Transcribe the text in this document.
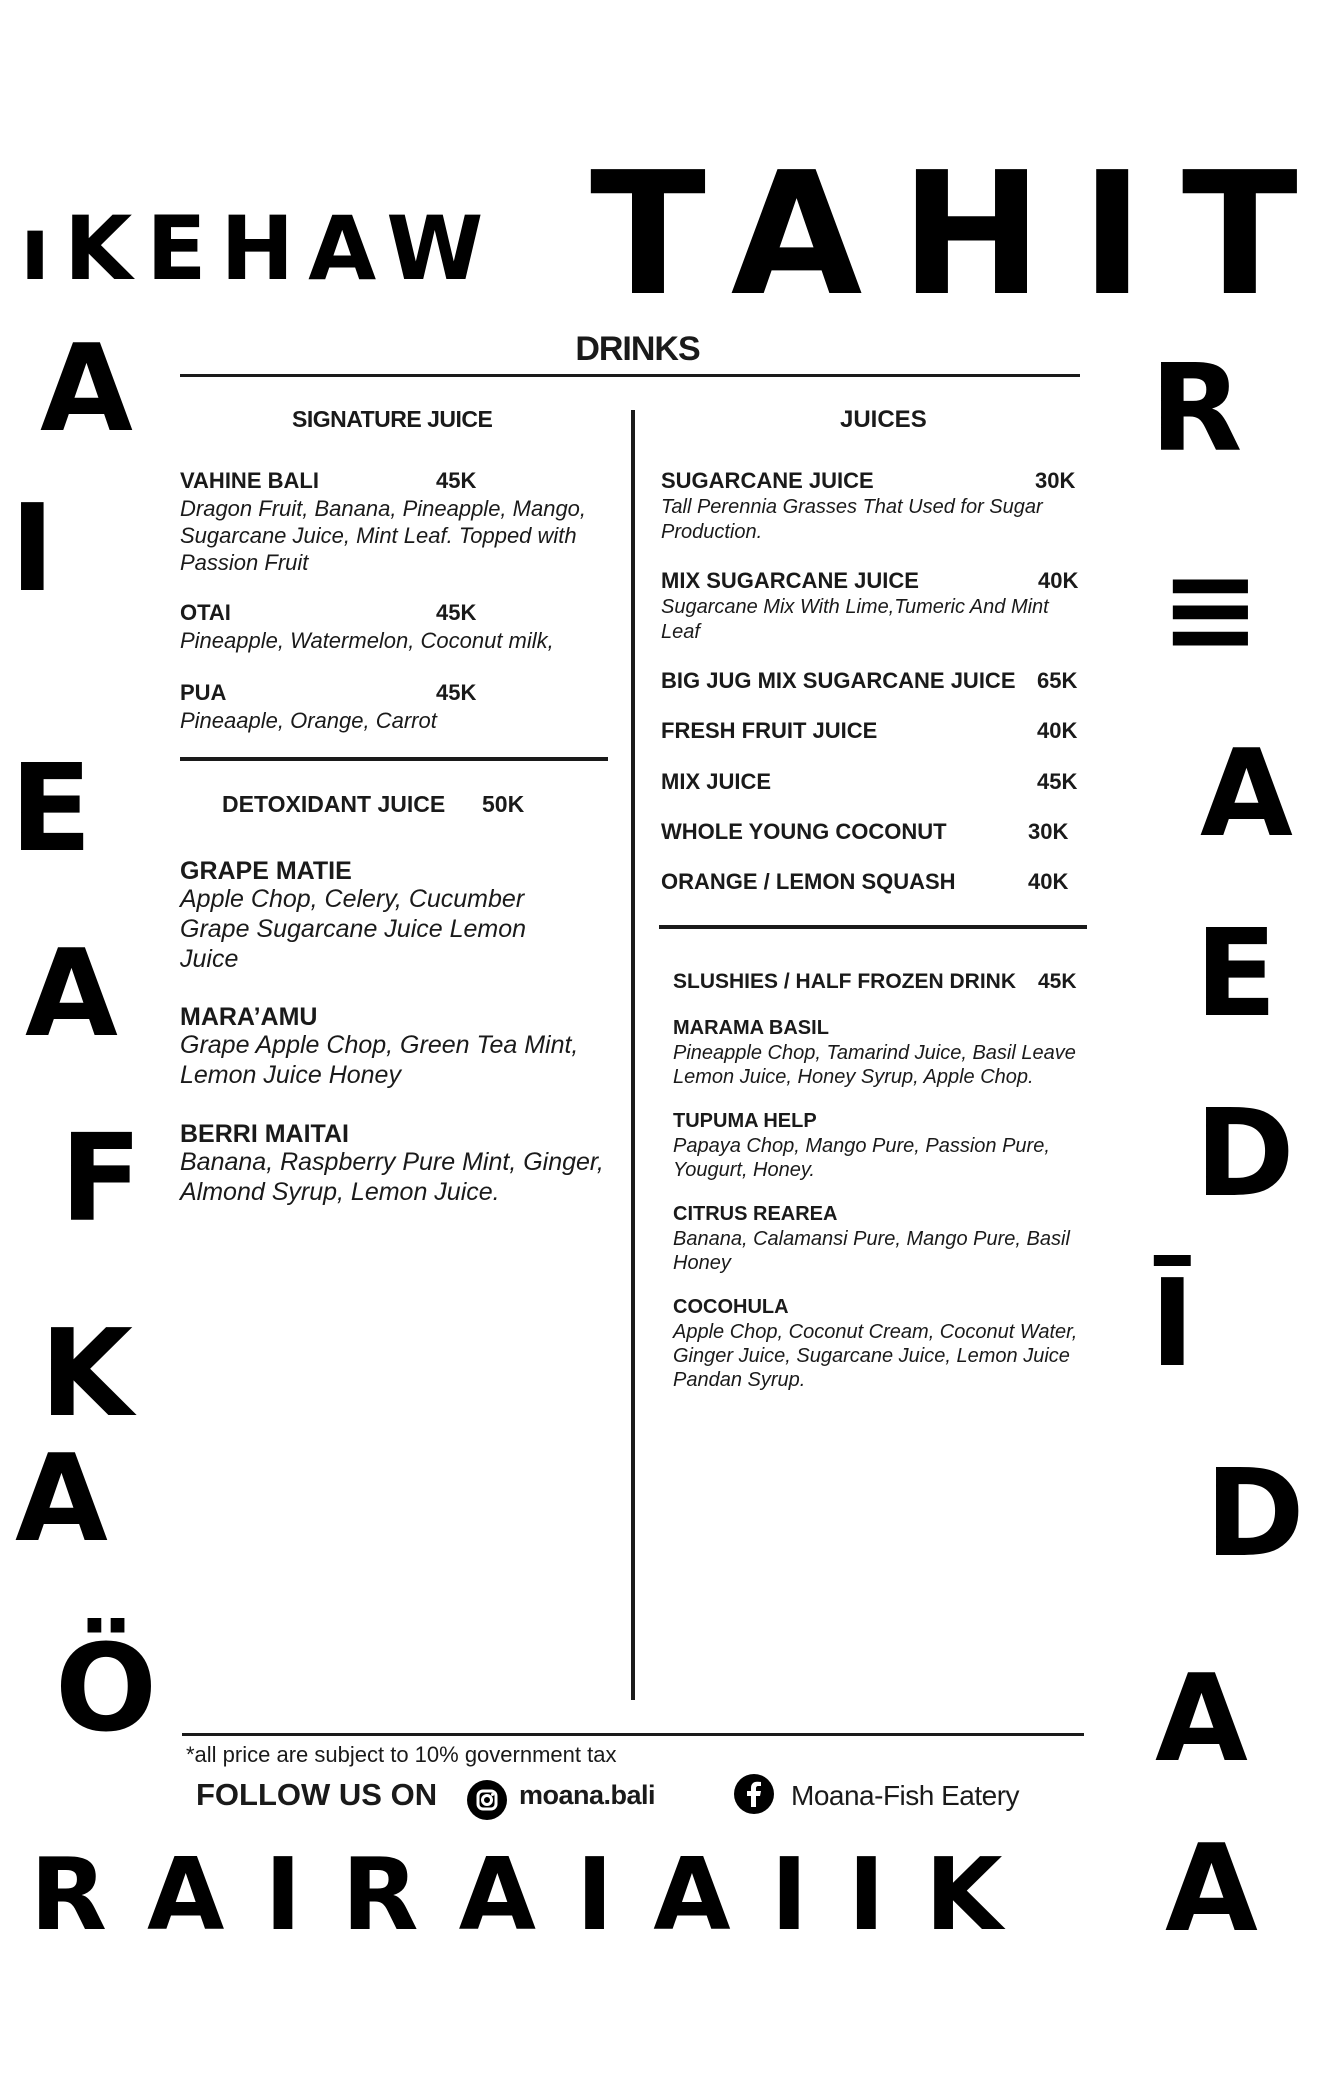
ıKEHAW TAHIT
RAIRAIAIIK
A
I
E
A
F
K
A
Ö
R
≡
A
E
D
Ī
D
A
A
DRINKS
SIGNATURE JUICE
VAHINE BALI	45K
Dragon Fruit, Banana, Pineapple, Mango, Sugarcane Juice, Mint Leaf. Topped with Passion Fruit
OTAI	45K
Pineapple, Watermelon, Coconut milk,
PUA	45K
Pineaaple, Orange, Carrot
DETOXIDANT JUICE 50K
GRAPE MATIE
Apple Chop, Celery, Cucumber Grape Sugarcane Juice Lemon Juice
MARA’AMU
Grape Apple Chop, Green Tea Mint, Lemon Juice Honey
BERRI MAITAI
Banana, Raspberry Pure Mint, Ginger, Almond Syrup, Lemon Juice.
JUICES
SUGARCANE JUICE	30K
Tall Perennia Grasses That Used for Sugar Production.
MIX SUGARCANE JUICE	40K
Sugarcane Mix With Lime,Tumeric And Mint Leaf
BIG JUG MIX SUGARCANE JUICE 65K
FRESH FRUIT JUICE	40K
MIX JUICE	45K
WHOLE YOUNG COCONUT	30K
ORANGE / LEMON SQUASH	40K
SLUSHIES / HALF FROZEN DRINK 45K
MARAMA BASIL
Pineapple Chop, Tamarind Juice, Basil Leave Lemon Juice, Honey Syrup, Apple Chop.
TUPUMA HELP
Papaya Chop, Mango Pure, Passion Pure, Yougurt, Honey.
CITRUS REAREA
Banana, Calamansi Pure, Mango Pure, Basil Honey
COCOHULA
Apple Chop, Coconut Cream, Coconut Water, Ginger Juice, Sugarcane Juice, Lemon Juice Pandan Syrup.
*all price are subject to 10% government tax
FOLLOW US ON	moana.bali	Moana-Fish Eatery
